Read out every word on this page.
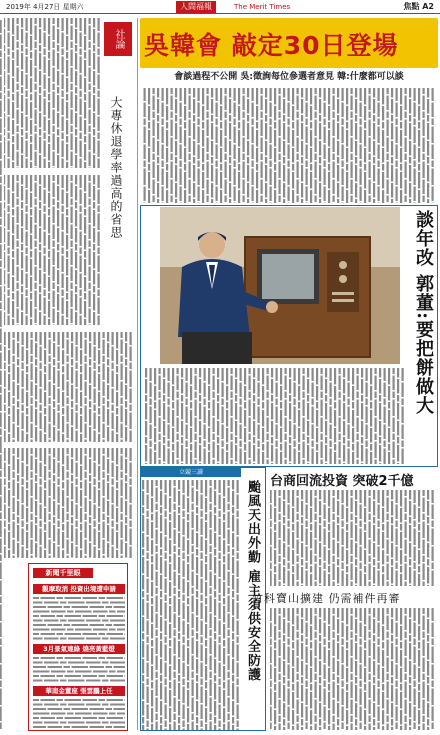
2019年 4月27日 星期六	人間福報	The Merit Times	焦點 A2
社論
大專休退學率過高的省思
新聞千里眼
觀摩取消 投資出境遭申請
3月景氣連綠 燒亮黃藍燈
華南金董座 張雲鵬上任
吳韓會 敲定30日登場
會談過程不公開 吳:徵詢每位參選者意見 韓:什麼都可以談
談年改 郭董:要把餅做大
立競三讀
颱風天出外勤 雇主須供安全防護 台商回流投資 突破2千億
竹科寶山擴建 仍需補件再審
